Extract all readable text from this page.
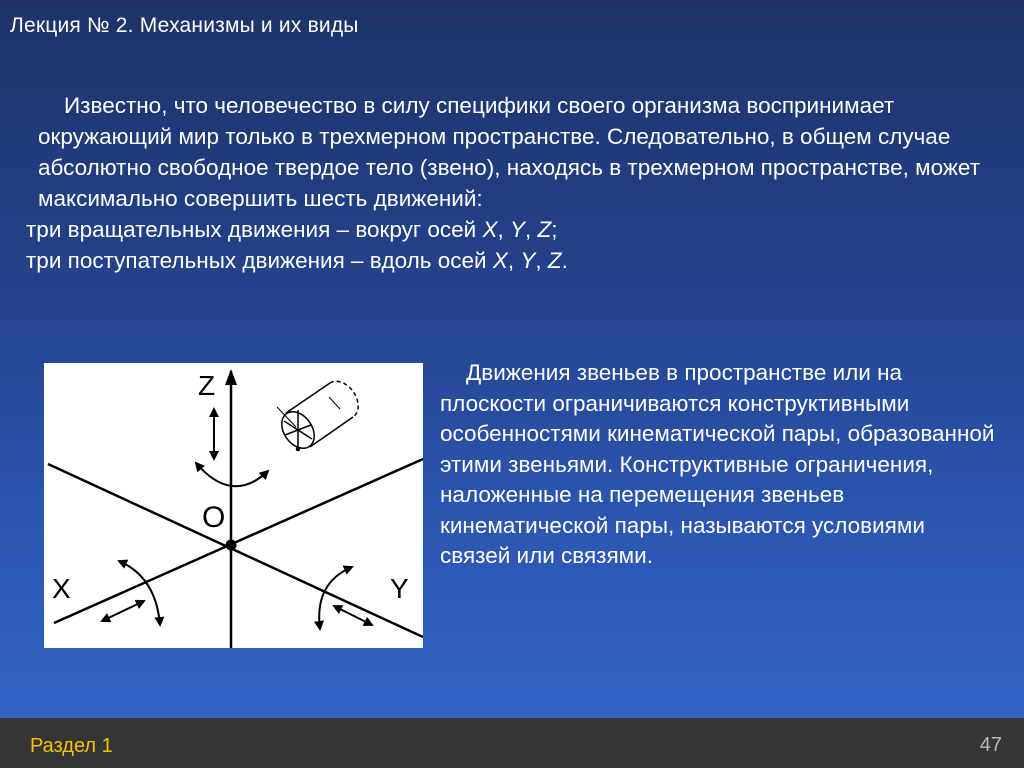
Лекция № 2. Механизмы и их виды

Известно, что человечество в силу специфики своего организма воспринимает окружающий мир только в трехмерном пространстве. Следовательно, в общем случае абсолютно свободное твердое тело (звено), находясь в трехмерном пространстве, может максимально совершить шесть движений:

три вращательных движения – вокруг осей X, Y, Z;

три поступательных движения – вдоль осей X, Y, Z.

Z
O
X	Y

Движения звеньев в пространстве или на плоскости ограничиваются конструктивными особенностями кинематической пары, образованной этими звеньями. Конструктивные ограничения, наложенные на перемещения звеньев кинематической пары, называются условиями связей или связями.

Раздел 1	47
